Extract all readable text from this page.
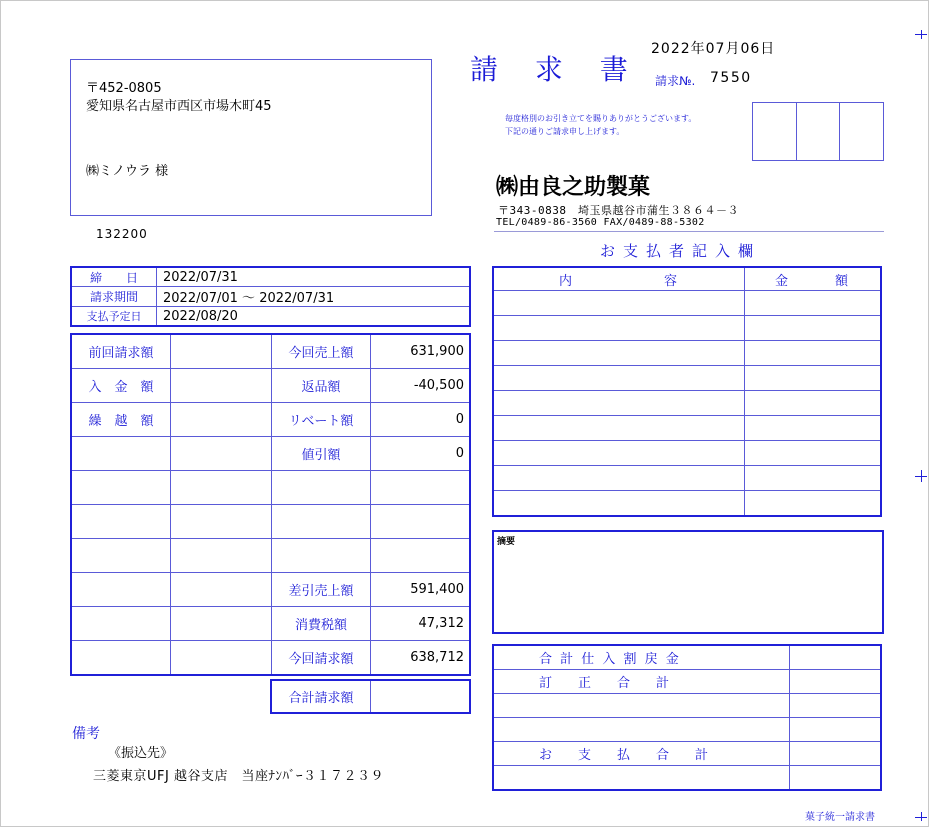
請 求 書
2022年07月06日
請求№. 7550
〒452-0805
愛知県名古屋市西区市場木町45
㈱ミノウラ 様
132200
毎度格別のお引き立てを賜りありがとうございます。
下記の通りご請求申し上げます。
㈱由良之助製菓
〒343-0838　埼玉県越谷市蒲生３８６４－３
TEL/0489-86-3560 FAX/0489-88-5302
お支払者記入欄
締　　日	2022/07/31
請求期間	2022/07/01 ～ 2022/07/31
支払予定日	2022/08/20
前回請求額		今回売上額	631,900
入　金　額		返品額	-40,500
繰　越　額		リベート額	0
		値引額	0

		差引売上額	591,400
		消費税額	47,312
		今回請求額	638,712
合計請求額	
内　　　　　　容	金　　　額

摘要
合 計 仕 入 割 戻 金	
訂　　正　　合　　計	

お　　支　　払　　合　　計	

備考
《振込先》
三菱東京UFJ 越谷支店　当座ﾅﾝﾊﾞｰ３１７２３９
菓子統一請求書
